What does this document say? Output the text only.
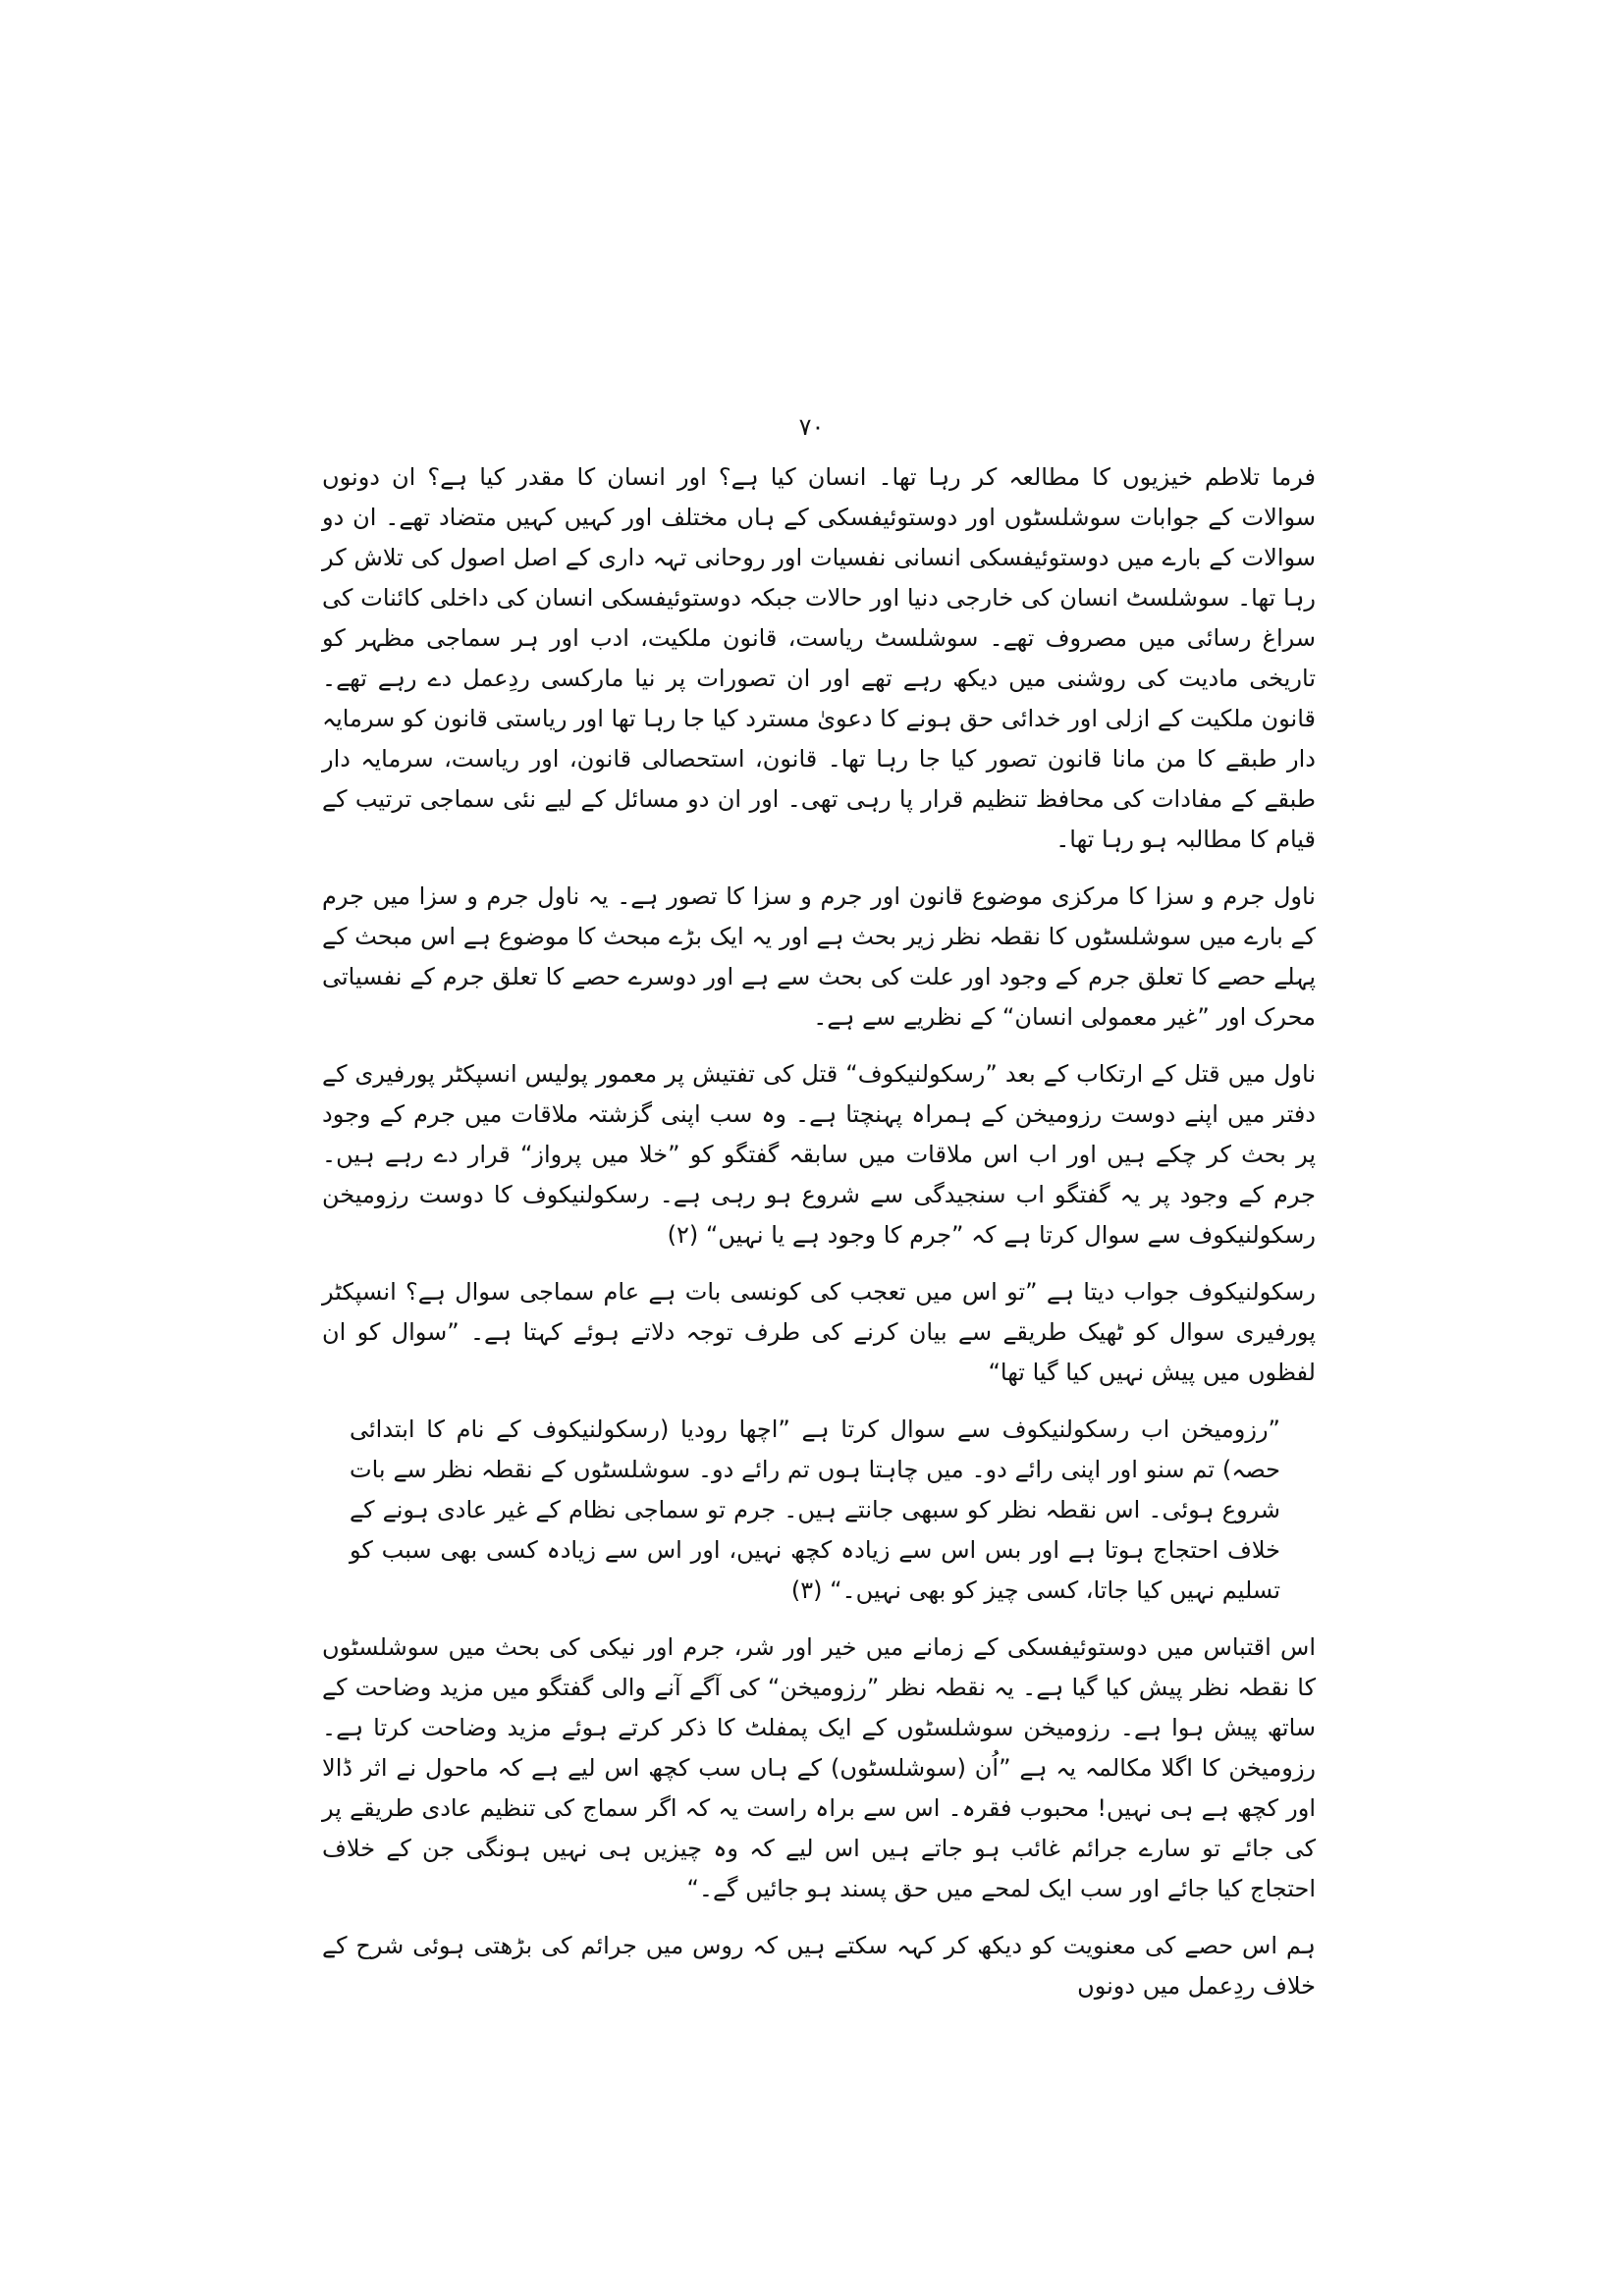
۷۰

فرما تلاطم خیزیوں کا مطالعہ کر رہا تھا۔ انسان کیا ہے؟ اور انسان کا مقدر کیا ہے؟ ان دونوں سوالات کے جوابات سوشلسٹوں اور دوستوئیفسکی کے ہاں مختلف اور کہیں کہیں متضاد تھے۔ ان دو سوالات کے بارے میں دوستوئیفسکی انسانی نفسیات اور روحانی تہہ داری کے اصل اصول کی تلاش کر رہا تھا۔ سوشلسٹ انسان کی خارجی دنیا اور حالات جبکہ دوستوئیفسکی انسان کی داخلی کائنات کی سراغ رسائی میں مصروف تھے۔ سوشلسٹ ریاست، قانون ملکیت، ادب اور ہر سماجی مظہر کو تاریخی مادیت کی روشنی میں دیکھ رہے تھے اور ان تصورات پر نیا مارکسی ردِعمل دے رہے تھے۔ قانون ملکیت کے ازلی اور خدائی حق ہونے کا دعویٰ مسترد کیا جا رہا تھا اور ریاستی قانون کو سرمایہ دار طبقے کا من مانا قانون تصور کیا جا رہا تھا۔ قانون، استحصالی قانون، اور ریاست، سرمایہ دار طبقے کے مفادات کی محافظ تنظیم قرار پا رہی تھی۔ اور ان دو مسائل کے لیے نئی سماجی ترتیب کے قیام کا مطالبہ ہو رہا تھا۔

ناول جرم و سزا کا مرکزی موضوع قانون اور جرم و سزا کا تصور ہے۔ یہ ناول جرم و سزا میں جرم کے بارے میں سوشلسٹوں کا نقطہ نظر زیر بحث ہے اور یہ ایک بڑے مبحث کا موضوع ہے اس مبحث کے پہلے حصے کا تعلق جرم کے وجود اور علت کی بحث سے ہے اور دوسرے حصے کا تعلق جرم کے نفسیاتی محرک اور ”غیر معمولی انسان“ کے نظریے سے ہے۔

ناول میں قتل کے ارتکاب کے بعد ”رسکولنیکوف“ قتل کی تفتیش پر معمور پولیس انسپکٹر پورفیری کے دفتر میں اپنے دوست رزومیخن کے ہمراہ پہنچتا ہے۔ وہ سب اپنی گزشتہ ملاقات میں جرم کے وجود پر بحث کر چکے ہیں اور اب اس ملاقات میں سابقہ گفتگو کو ”خلا میں پرواز“ قرار دے رہے ہیں۔ جرم کے وجود پر یہ گفتگو اب سنجیدگی سے شروع ہو رہی ہے۔ رسکولنیکوف کا دوست رزومیخن رسکولنیکوف سے سوال کرتا ہے کہ ”جرم کا وجود ہے یا نہیں“ (۲)

رسکولنیکوف جواب دیتا ہے ”تو اس میں تعجب کی کونسی بات ہے عام سماجی سوال ہے؟ انسپکٹر پورفیری سوال کو ٹھیک طریقے سے بیان کرنے کی طرف توجہ دلاتے ہوئے کہتا ہے۔ ”سوال کو ان لفظوں میں پیش نہیں کیا گیا تھا“

”رزومیخن اب رسکولنیکوف سے سوال کرتا ہے ”اچھا رودیا (رسکولنیکوف کے نام کا ابتدائی حصہ) تم سنو اور اپنی رائے دو۔ میں چاہتا ہوں تم رائے دو۔ سوشلسٹوں کے نقطہ نظر سے بات شروع ہوئی۔ اس نقطہ نظر کو سبھی جانتے ہیں۔ جرم تو سماجی نظام کے غیر عادی ہونے کے خلاف احتجاج ہوتا ہے اور بس اس سے زیادہ کچھ نہیں، اور اس سے زیادہ کسی بھی سبب کو تسلیم نہیں کیا جاتا، کسی چیز کو بھی نہیں۔“ (۳)

اس اقتباس میں دوستوئیفسکی کے زمانے میں خیر اور شر، جرم اور نیکی کی بحث میں سوشلسٹوں کا نقطہ نظر پیش کیا گیا ہے۔ یہ نقطہ نظر ”رزومیخن“ کی آگے آنے والی گفتگو میں مزید وضاحت کے ساتھ پیش ہوا ہے۔ رزومیخن سوشلسٹوں کے ایک پمفلٹ کا ذکر کرتے ہوئے مزید وضاحت کرتا ہے۔ رزومیخن کا اگلا مکالمہ یہ ہے ”اُن (سوشلسٹوں) کے ہاں سب کچھ اس لیے ہے کہ ماحول نے اثر ڈالا اور کچھ ہے ہی نہیں! محبوب فقرہ۔ اس سے براہ راست یہ کہ اگر سماج کی تنظیم عادی طریقے پر کی جائے تو سارے جرائم غائب ہو جاتے ہیں اس لیے کہ وہ چیزیں ہی نہیں ہونگی جن کے خلاف احتجاج کیا جائے اور سب ایک لمحے میں حق پسند ہو جائیں گے۔“

ہم اس حصے کی معنویت کو دیکھ کر کہہ سکتے ہیں کہ روس میں جرائم کی بڑھتی ہوئی شرح کے خلاف ردِعمل میں دونوں
